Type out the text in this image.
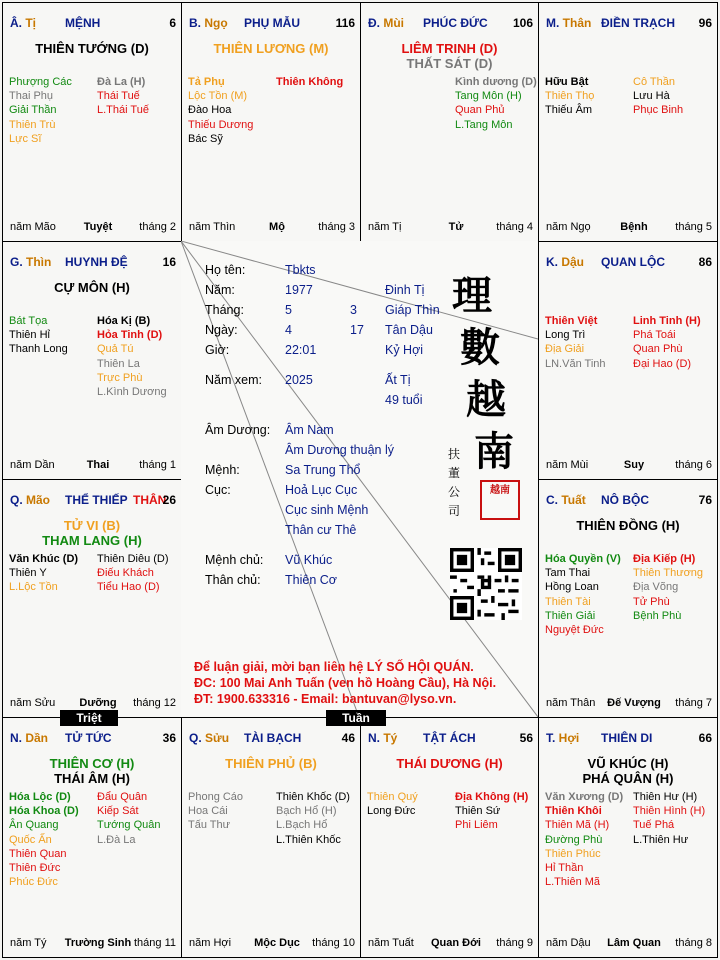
Â. Tị MỆNH	6
THIÊN TƯỚNG (D)
Phượng Các
Thai Phụ
Giải Thần
Thiên Trù
Lực Sĩ
Đà La (H)
Thái Tuế
L.Thái Tuế
năm Mão	Tuyệt	tháng 2
B. Ngọ PHỤ MẪU	116
THIÊN LƯƠNG (M)
Tả Phụ
Lộc Tồn (M)
Đào Hoa
Thiếu Dương
Bác Sỹ
Thiên Không
năm Thìn	Mộ	tháng 3
Đ. Mùi PHÚC ĐỨC 106
LIÊM TRINH (D)
THẤT SÁT (D)
Kình dương (D)
Tang Môn (H)
Quan Phủ
L.Tang Môn
năm Tị	Tử	tháng 4
M. Thân ĐIỀN TRẠCH 96
Hữu Bật
Thiên Thọ
Thiếu Âm
Cô Thần
Lưu Hà
Phục Binh
năm Ngọ	Bệnh	tháng 5
G. Thìn HUYNH ĐỆ	16
CỰ MÔN (H)
Bát Tọa
Thiên Hỉ
Thanh Long
Hóa Kị (B)
Hỏa Tinh (D)
Quả Tú
Thiên La
Trực Phù
L.Kình Dương
năm Dần	Thai	tháng 1
K. Dậu QUAN LỘC	86
Thiên Việt
Long Trì
Địa Giải
LN.Văn Tinh
Linh Tinh (H)
Phá Toái
Quan Phù
Đại Hao (D)
năm Mùi	Suy	tháng 6
Q. Mão THỂ THIẾP THÂN
26
TỬ VI (B)
THAM LANG (H)
Văn Khúc (D)
Thiên Y
L.Lộc Tồn
Thiên Diêu (D)
Điếu Khách
Tiểu Hao (D)
năm Sửu	Dưỡng	tháng 12
C. Tuất NÔ BỘC	76
THIÊN ĐỒNG (H)
Hóa Quyền (V)
Tam Thai
Hồng Loan
Thiên Tài
Thiên Giải
Nguyệt Đức
Địa Kiếp (H)
Thiên Thương
Địa Võng
Tử Phù
Bệnh Phù
năm Thân	Đế Vượng	tháng 7
N. Dần TỬ TỨC	36
THIÊN CƠ (H)
THÁI ÂM (H)
Hóa Lộc (D)
Hóa Khoa (D)
Ân Quang
Quốc Ấn
Thiên Quan
Thiên Đức
Phúc Đức
Đẩu Quân
Kiếp Sát
Tướng Quân
L.Đà La
năm Tý Trường Sinh tháng 11
Q. Sửu TÀI BẠCH	46
THIÊN PHỦ (B)
Phong Cáo
Hoa Cái
Tấu Thư
Thiên Khốc (D)
Bạch Hổ (H)
L.Bạch Hổ
L.Thiên Khốc
năm Hợi	Mộc Dục	tháng 10
N. Tý TẬT ÁCH	56
THÁI DƯƠNG (H)
Thiên Quý
Long Đức
Địa Không (H)
Thiên Sứ
Phi Liêm
năm Tuất	Quan Đới	tháng 9
T. Hợi THIÊN DI	66
VŨ KHÚC (H)
PHÁ QUÂN (H)
Văn Xương (D)
Thiên Khôi
Thiên Mã (H)
Đường Phù
Thiên Phúc
Hỉ Thần
L.Thiên Mã
Thiên Hư (H)
Thiên Hình (H)
Tuế Phá
L.Thiên Hư
năm Dậu	Lâm Quan	tháng 8
Họ tên:	Tbkts
Năm:	1977	Đinh Tị
Tháng:	5	3 Giáp Thìn
Ngày:	4	17 Tân Dậu
Giờ:	22:01	Kỷ Hợi
Năm xem: 2025	Ất Tị
49 tuổi
Âm Dương: Âm Nam
Âm Dương thuận lý
Mệnh:	Sa Trung Thổ
Cục:	Hoả Lục Cục
Cục sinh Mệnh
Thân cư Thê
Mệnh chủ: Vũ Khúc
Thân chủ: Thiên Cơ
理
數
越
南
扶
董
公
司
越南
Để luận giải, mời bạn liên hệ LÝ SỐ HỘI QUÁN.
ĐC: 100 Mai Anh Tuấn (ven hồ Hoàng Cầu), Hà Nội.
ĐT: 1900.633316 - Email: bantuvan@lyso.vn.
Triệt	Tuần
